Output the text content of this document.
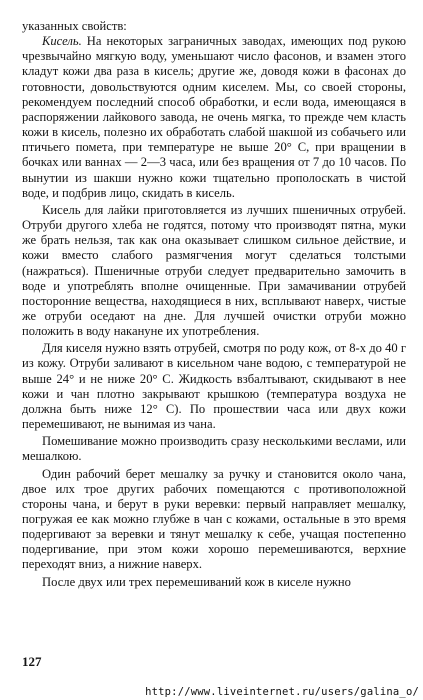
указанных свойств:

Кисель. На некоторых заграничных заводах, имеющих под рукою чрезвычайно мягкую воду, уменьшают число фасонов, и взамен этого кладут кожи два раза в кисель; другие же, доводя кожи в фасонах до готовности, довольствуются одним киселем. Мы, со своей стороны, рекомендуем последний способ обработки, и если вода, имеющаяся в распоряжении лайкового завода, не очень мягка, то прежде чем класть кожи в кисель, полезно их обработать слабой шакшой из собачьего или птичьего помета, при температуре не выше 20° С, при вращении в бочках или ваннах — 2—3 часа, или без вращения от 7 до 10 часов. По вынутии из шакши нужно кожи тщательно прополоскать в чистой воде, и подбрив лицо, скидать в кисель.

Кисель для лайки приготовляется из лучших пшеничных отрубей. Отруби другого хлеба не годятся, потому что производят пятна, муки же брать нельзя, так как она оказывает слишком сильное действие, и кожи вместо слабого размягчения могут сделаться толстыми (нажраться). Пшеничные отруби следует предварительно замочить в воде и употреблять вполне очищенные. При замачивании отрубей посторонние вещества, находящиеся в них, всплывают наверх, чистые же отруби оседают на дне. Для лучшей очистки отруби можно положить в воду накануне их употребления.

Для киселя нужно взять отрубей, смотря по роду кож, от 8-х до 40 г из кожу. Отруби заливают в кисельном чане водою, с температурой не выше 24° и не ниже 20° С. Жидкость взбалтывают, скидывают в нее кожи и чан плотно закрывают крышкою (температура воздуха не должна быть ниже 12° С). По прошествии часа или двух кожи перемешивают, не вынимая из чана.

Помешивание можно производить сразу несколькими веслами, или мешалкою.

Один рабочий берет мешалку за ручку и становится около чана, двое илх трое других рабочих помещаются с противоположной стороны чана, и берут в руки веревки: первый направляет мешалку, погружая ее как можно глубже в чан с кожами, остальные в это время подергивают за веревки и тянут мешалку к себе, учащая постепенно подергивание, при этом кожи хорошо перемешиваются, верхние переходят вниз, а нижние наверх.

После двух или трех перемешиваний кож в киселе нужно

127
http://www.liveinternet.ru/users/galina_o/
